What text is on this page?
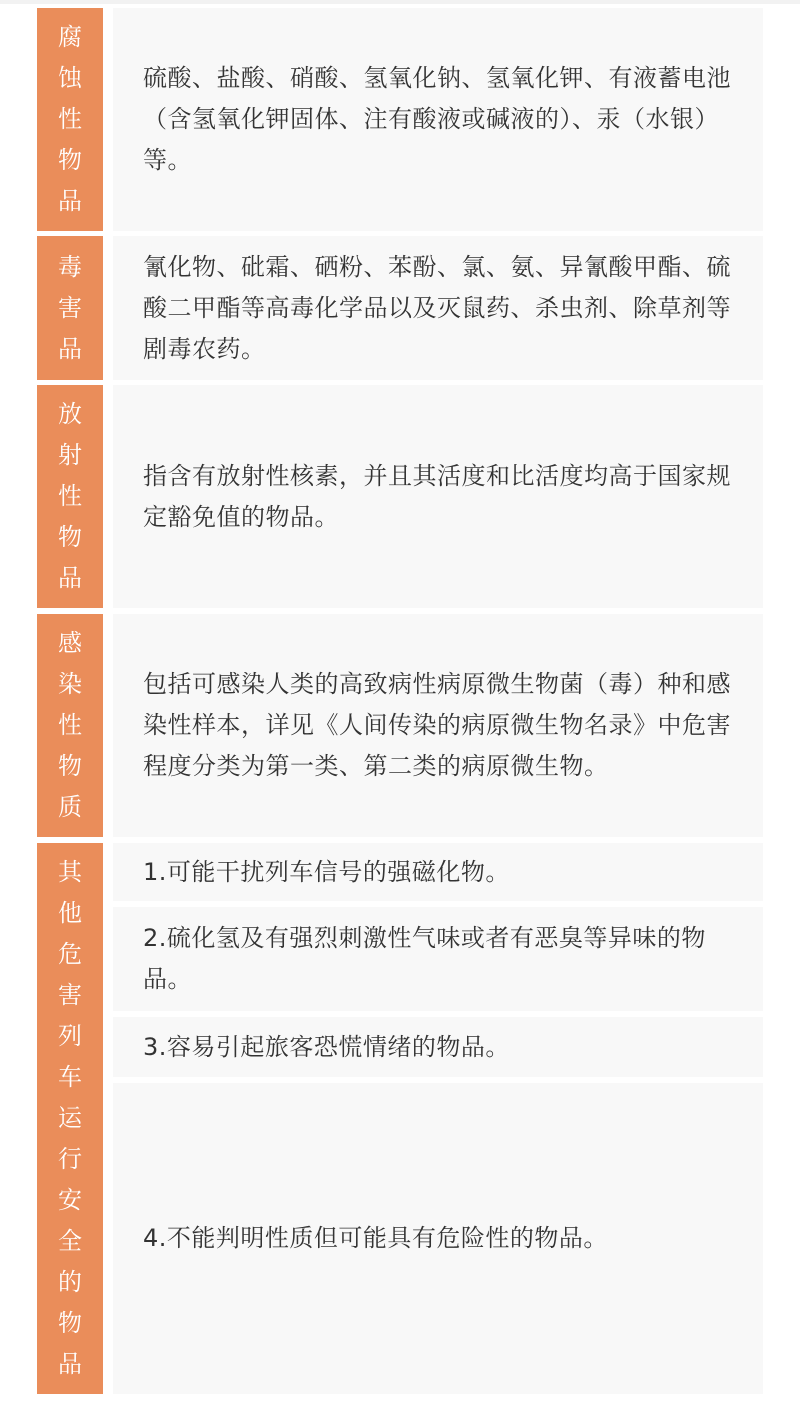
腐蚀性物品
硫酸、盐酸、硝酸、氢氧化钠、氢氧化钾、有液蓄电池（含氢氧化钾固体、注有酸液或碱液的）、汞（水银）等。
毒害品
氰化物、砒霜、硒粉、苯酚、氯、氨、异氰酸甲酯、硫酸二甲酯等高毒化学品以及灭鼠药、杀虫剂、除草剂等剧毒农药。
放射性物品
指含有放射性核素，并且其活度和比活度均高于国家规定豁免值的物品。
感染性物质
包括可感染人类的高致病性病原微生物菌（毒）种和感染性样本，详见《人间传染的病原微生物名录》中危害程度分类为第一类、第二类的病原微生物。
其他危害列车运行安全的物品
1.可能干扰列车信号的强磁化物。
2.硫化氢及有强烈刺激性气味或者有恶臭等异味的物品。
3.容易引起旅客恐慌情绪的物品。
4.不能判明性质但可能具有危险性的物品。
